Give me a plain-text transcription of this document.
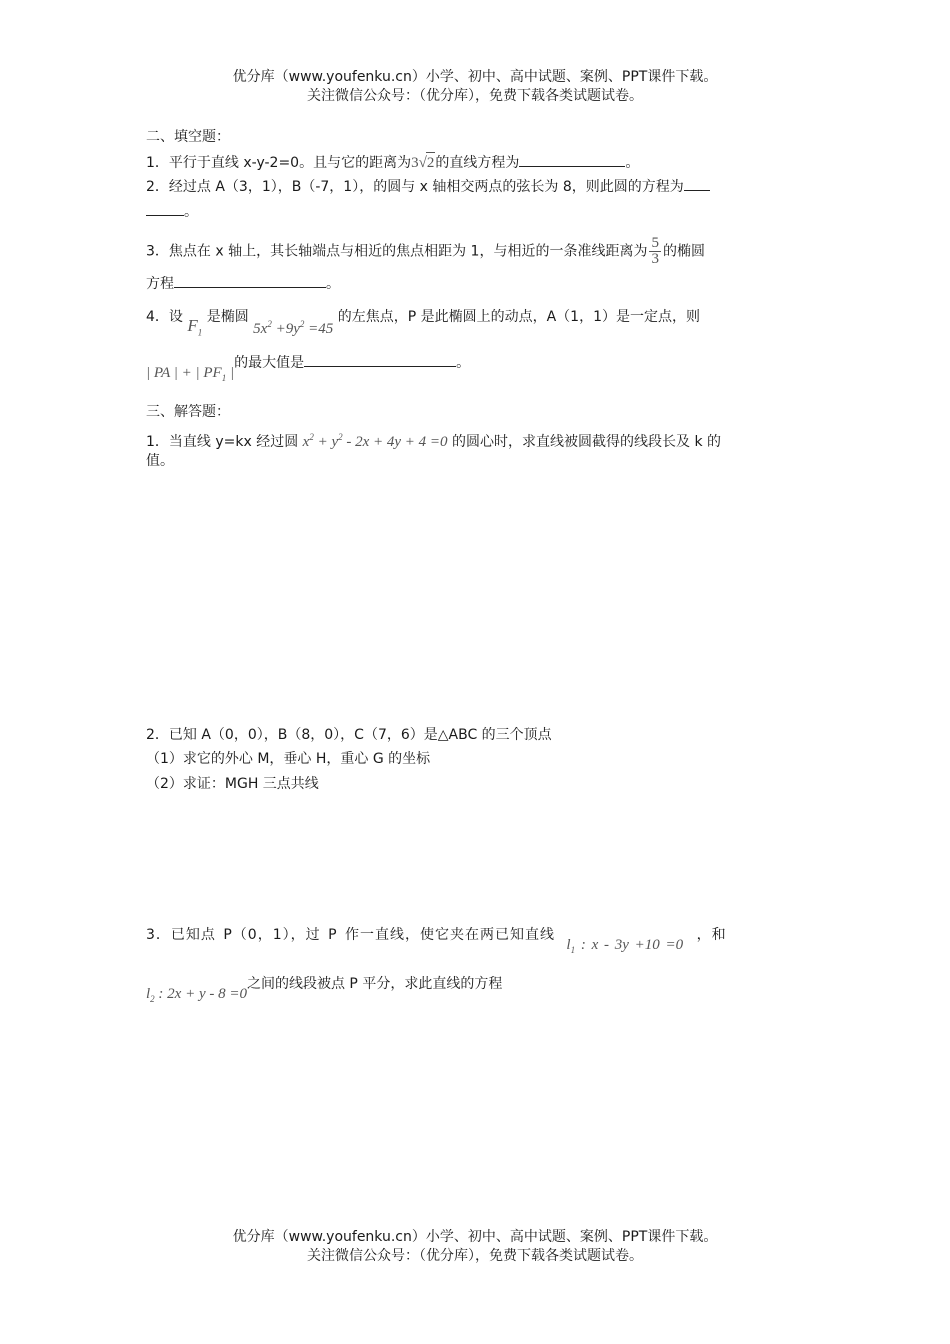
优分库（www.youfenku.cn）小学、初中、高中试题、案例、PPT课件下载。
关注微信公众号：（优分库），免费下载各类试题试卷。
二、填空题：
1．平行于直线 x-y-2=0。且与它的距离为3√2的直线方程为	。
2．经过点 A（3，1），B（-7，1），的圆与 x 轴相交两点的弦长为 8，则此圆的方程为
。
3．焦点在 x 轴上，其长轴端点与相近的焦点相距为 1，与相近的一条准线距离为 $\frac{5}{3}$ 的椭圆
方程	。
4．设 $F_1$ 是椭圆 $5x^2 +9y^2 =45$ 的左焦点，P 是此椭圆上的动点，A（1，1）是一定点，则
| PA | + | $PF_1$ |的最大值是	。
三、解答题：
1．当直线 y=kx 经过圆 $x^2 + y^2 - 2x + 4y + 4 =0$ 的圆心时，求直线被圆截得的线段长及 k 的
值。
2．已知 A（0，0），B（8，0），C（7，6）是△ABC 的三个顶点
（1）求它的外心 M，垂心 H，重心 G 的坐标
（2）求证：MGH 三点共线
3．已知点 P（0，1），过 P 作一直线，使它夹在两已知直线 $l_1$ : x - 3y +10 =0 ，和
$l_2$ : 2x + y - 8 =0之间的线段被点 P 平分，求此直线的方程
优分库（www.youfenku.cn）小学、初中、高中试题、案例、PPT课件下载。
关注微信公众号：（优分库），免费下载各类试题试卷。
